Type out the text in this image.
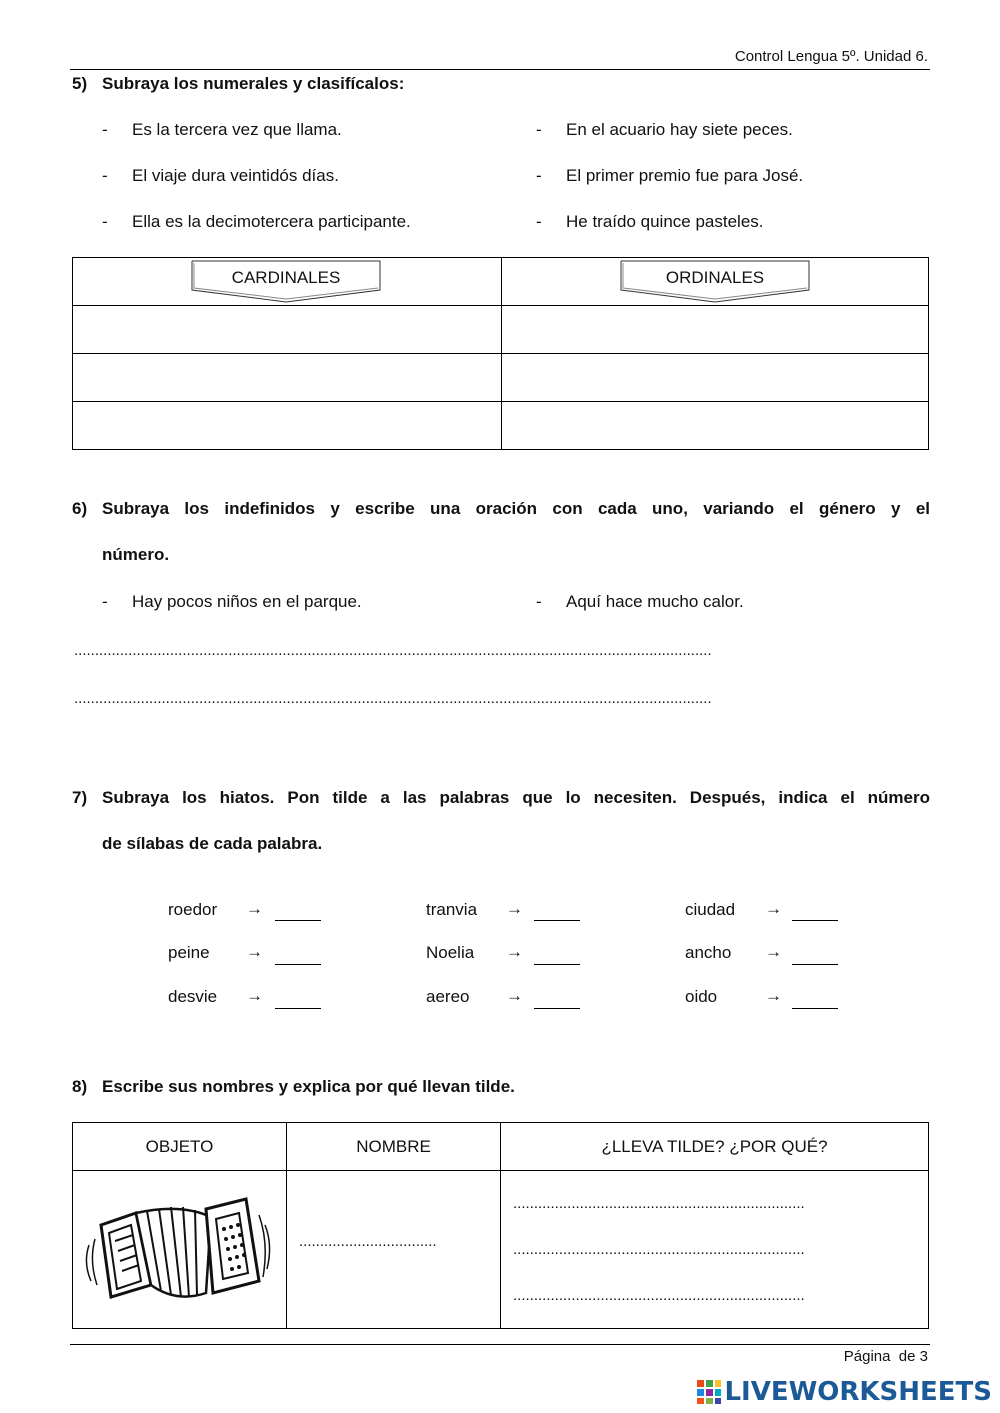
Control Lengua 5º. Unidad 6.
5) Subraya los numerales y clasifícalos:
- Es la tercera vez que llama.	- En el acuario hay siete peces.
- El viaje dura veintidós días.	- El primer premio fue para José.
- Ella es la decimotercera participante.	- He traído quince pasteles.
CARDINALES	ORDINALES

6) Subraya los indefinidos y escribe una oración con cada uno, variando el género y el
número.
- Hay pocos niños en el parque.	- Aquí hace mucho calor.
.........................................................................................................................................................
.........................................................................................................................................................
7) Subraya los hiatos. Pon tilde a las palabras que lo necesiten. Después, indica el número
de sílabas de cada palabra.
roedor →	tranvia →	ciudad →
peine →	Noelia →	ancho →
desvie →	aereo →	oido	→
8) Escribe sus nombres y explica por qué llevan tilde.
OBJETO	NOMBRE	¿LLEVA TILDE? ¿POR QUÉ?

.................................	......................................................................
......................................................................
......................................................................
Página  de 3
LIVEWORKSHEETS
